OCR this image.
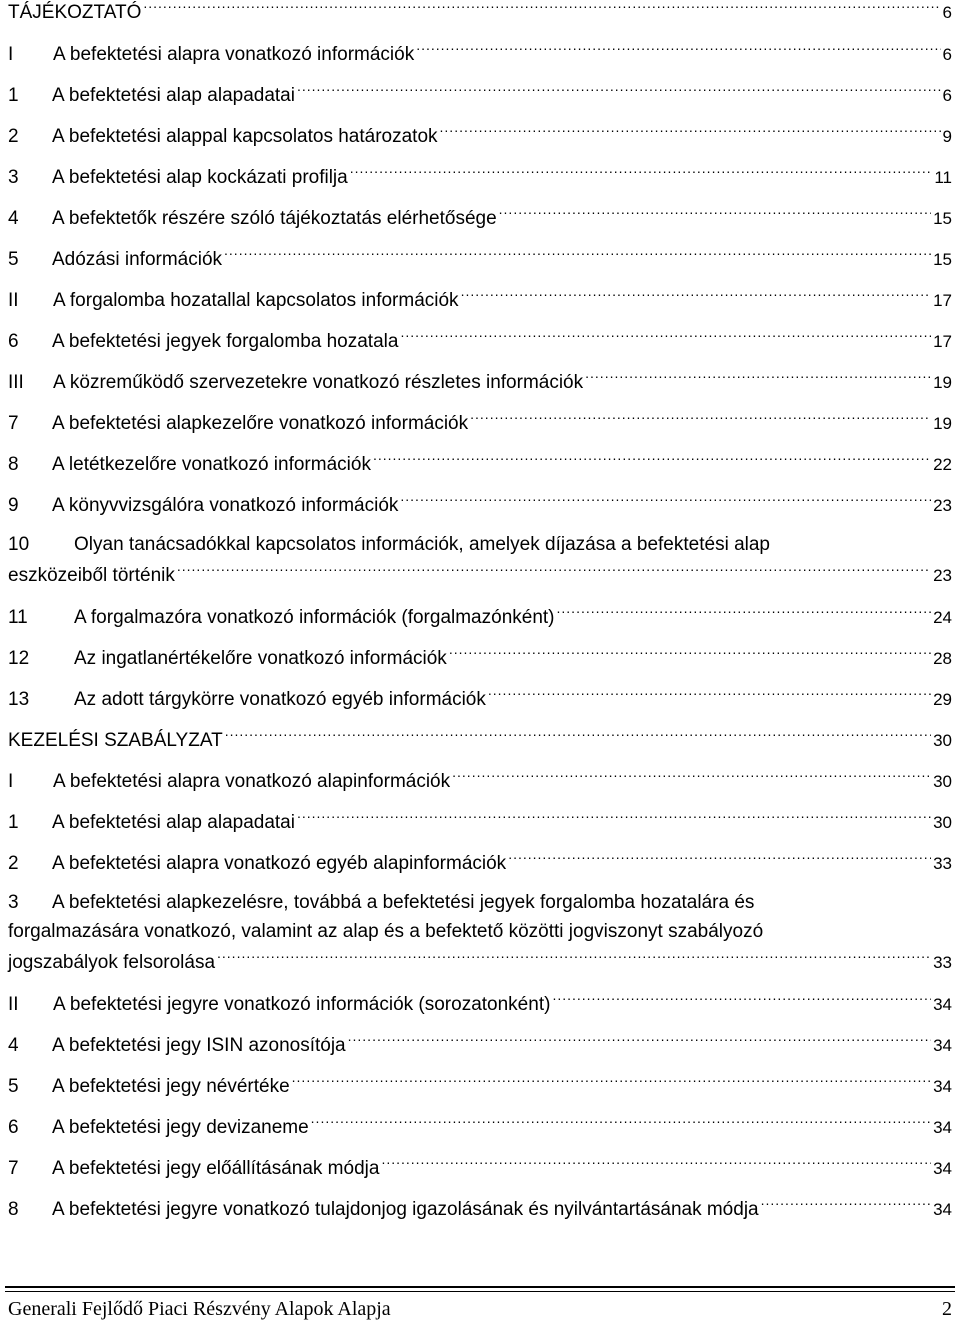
TÁJÉKOZTATÓ .....	6
I	A befektetési alapra vonatkozó információk .....	6
1	A befektetési alap alapadatai .....	6
2	A befektetési alappal kapcsolatos határozatok .....	9
3	A befektetési alap kockázati profilja .....	11
4	A befektetők részére szóló tájékoztatás elérhetősége .....	15
5	Adózási információk .....	15
II	A forgalomba hozatallal kapcsolatos információk .....	17
6	A befektetési jegyek forgalomba hozatala .....	17
III	A közreműködő szervezetekre vonatkozó részletes információk .....	19
7	A befektetési alapkezelőre vonatkozó információk .....	19
8	A letétkezelőre vonatkozó információk .....	22
9	A könyvvizsgálóra vonatkozó információk .....	23
10 Olyan tanácsadókkal kapcsolatos információk, amelyek díjazása a befektetési alap
eszközeiből történik .....	23
11	A forgalmazóra vonatkozó információk (forgalmazónként) .....	24
12	Az ingatlanértékelőre vonatkozó információk .....	28
13	Az adott tárgykörre vonatkozó egyéb információk .....	29
KEZELÉSI SZABÁLYZAT .....	30
I	A befektetési alapra vonatkozó alapinformációk .....	30
1	A befektetési alap alapadatai .....	30
2	A befektetési alapra vonatkozó egyéb alapinformációk .....	33
3 A befektetési alapkezelésre, továbbá a befektetési jegyek forgalomba hozatalára és
forgalmazására vonatkozó, valamint az alap és a befektető közötti jogviszonyt szabályozó
jogszabályok felsorolása .....	33
II	A befektetési jegyre vonatkozó információk (sorozatonként) .....	34
4	A befektetési jegy ISIN azonosítója .....	34
5	A befektetési jegy névértéke .....	34
6	A befektetési jegy devizaneme .....	34
7	A befektetési jegy előállításának módja .....	34
8	A befektetési jegyre vonatkozó tulajdonjog igazolásának és nyilvántartásának módja .....	34
Generali Fejlődő Piaci Részvény Alapok Alapja	2
